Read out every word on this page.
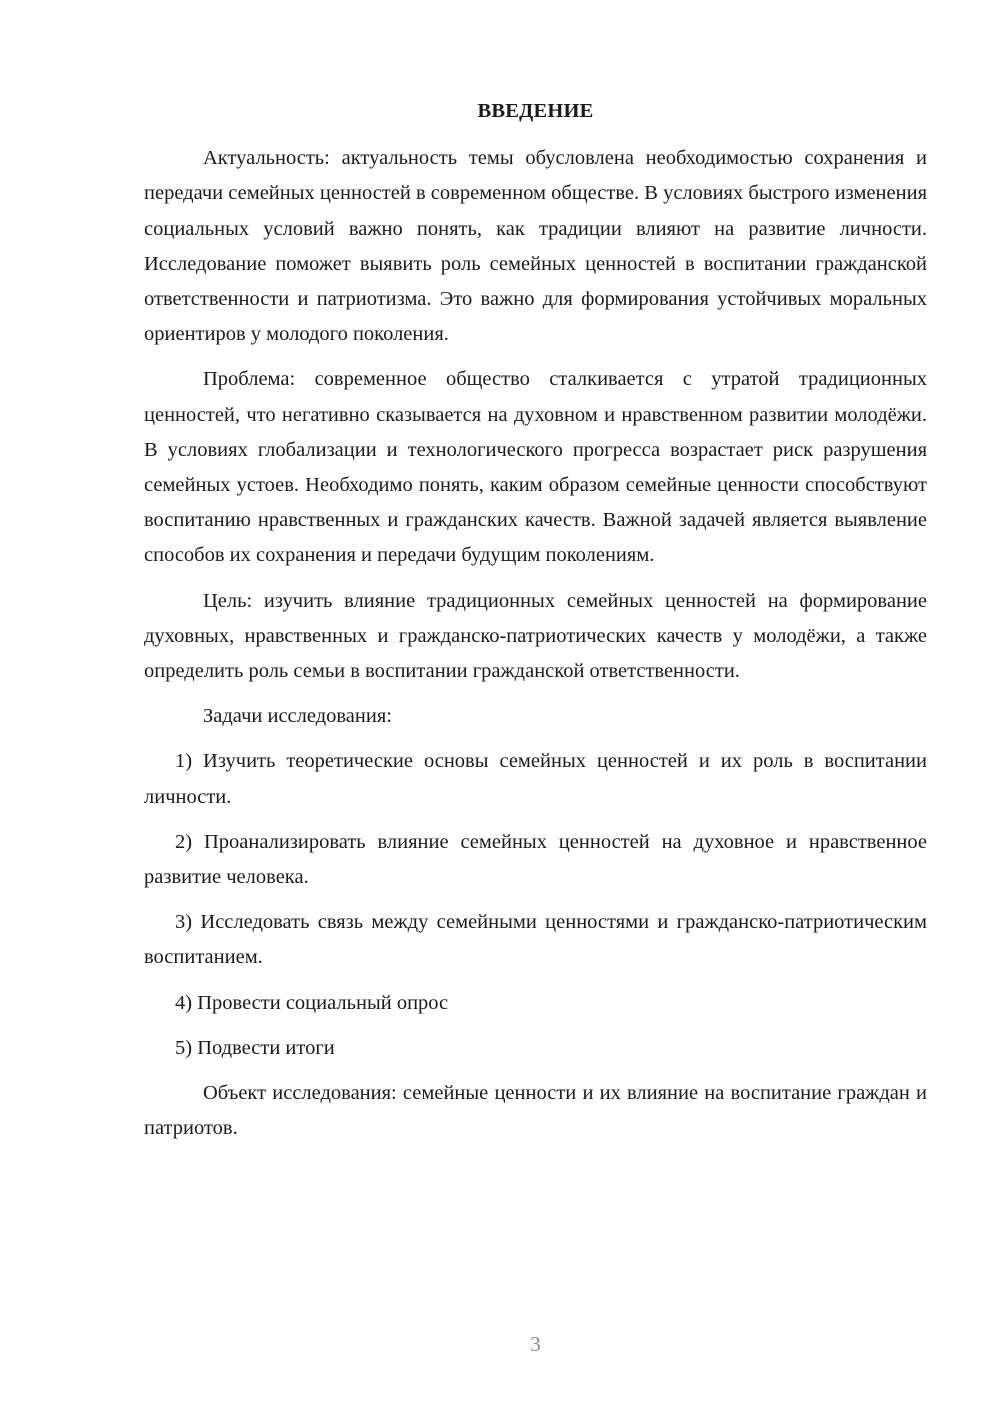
ВВЕДЕНИЕ

Актуальность: актуальность темы обусловлена необходимостью сохранения и передачи семейных ценностей в современном обществе. В условиях быстрого изменения социальных условий важно понять, как традиции влияют на развитие личности. Исследование поможет выявить роль семейных ценностей в воспитании гражданской ответственности и патриотизма. Это важно для формирования устойчивых моральных ориентиров у молодого поколения.

Проблема: современное общество сталкивается с утратой традиционных ценностей, что негативно сказывается на духовном и нравственном развитии молодёжи. В условиях глобализации и технологического прогресса возрастает риск разрушения семейных устоев. Необходимо понять, каким образом семейные ценности способствуют воспитанию нравственных и гражданских качеств. Важной задачей является выявление способов их сохранения и передачи будущим поколениям.

Цель: изучить влияние традиционных семейных ценностей на формирование духовных, нравственных и гражданско-патриотических качеств у молодёжи, а также определить роль семьи в воспитании гражданской ответственности.

Задачи исследования:

1) Изучить теоретические основы семейных ценностей и их роль в воспитании личности.

2) Проанализировать влияние семейных ценностей на духовное и нравственное развитие человека.

3) Исследовать связь между семейными ценностями и гражданско-патриотическим воспитанием.

4) Провести социальный опрос

5) Подвести итоги

Объект исследования: семейные ценности и их влияние на воспитание граждан и патриотов.

3
